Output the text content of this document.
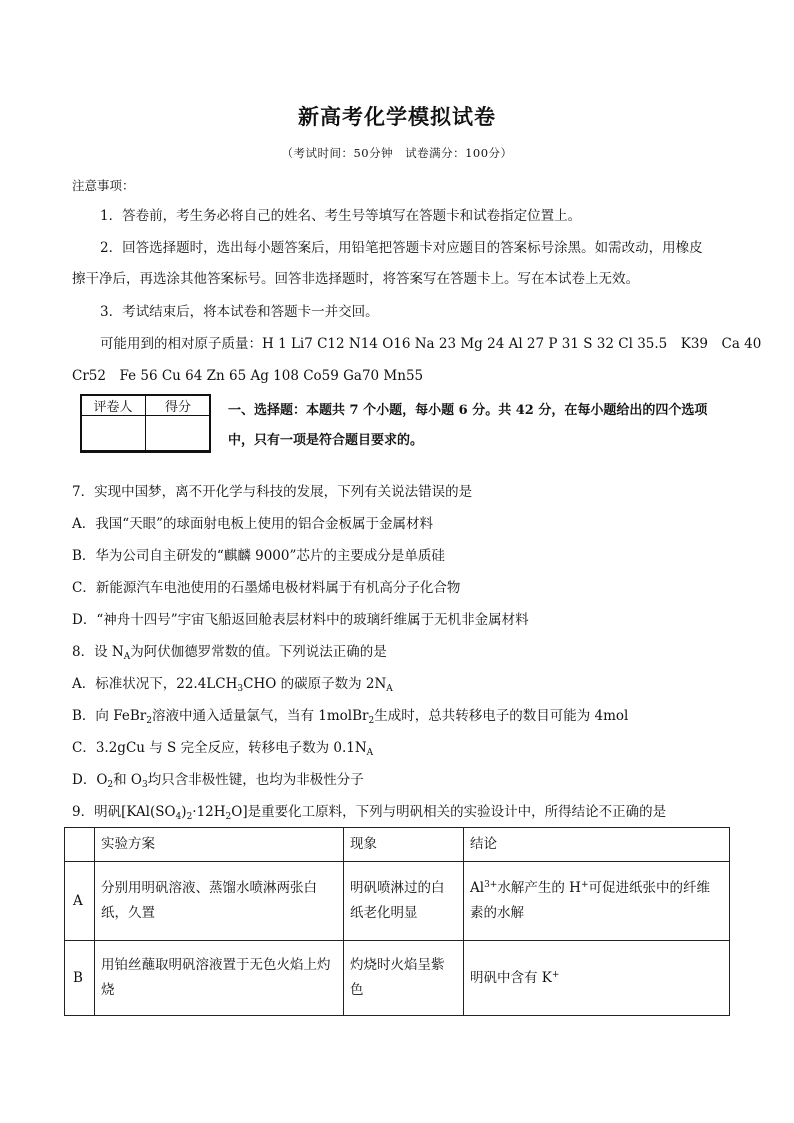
新高考化学模拟试卷
（考试时间：50分钟　试卷满分：100分）
注意事项：
1．答卷前，考生务必将自己的姓名、考生号等填写在答题卡和试卷指定位置上。
2．回答选择题时，选出每小题答案后，用铅笔把答题卡对应题目的答案标号涂黑。如需改动，用橡皮
擦干净后，再选涂其他答案标号。回答非选择题时，将答案写在答题卡上。写在本试卷上无效。
3．考试结束后，将本试卷和答题卡一并交回。
可能用到的相对原子质量：H 1 Li7 C12 N14 O16 Na 23 Mg 24 Al 27 P 31 S 32 Cl 35.5　K39　Ca 40
Cr52　Fe 56 Cu 64 Zn 65 Ag 108 Co59 Ga70 Mn55
评卷人	得分
		一、选择题：本题共 7 个小题，每小题 6 分。共 42 分，在每小题给出的四个选项
中，只有一项是符合题目要求的。
7．实现中国梦，离不开化学与科技的发展，下列有关说法错误的是
A．我国“天眼”的球面射电板上使用的铝合金板属于金属材料
B．华为公司自主研发的“麒麟 9000”芯片的主要成分是单质硅
C．新能源汽车电池使用的石墨烯电极材料属于有机高分子化合物
D．“神舟十四号”宇宙飞船返回舱表层材料中的玻璃纤维属于无机非金属材料
8．设 $N_A$为阿伏伽德罗常数的值。下列说法正确的是
A．标准状况下，$22.4LCH_3CHO$ 的碳原子数为 $2N_A$
B．向 FeBr$_2$溶液中通入适量氯气，当有 1molBr$_2$生成时，总共转移电子的数目可能为 4mol
C．3.2gCu 与 S 完全反应，转移电子数为 $0.1N_A$
D．$O_2$和 $O_3$均只含非极性键，也均为非极性分子
9．明矾$[KAl(SO_4)_2\cdot 12H_2O]$是重要化工原料，下列与明矾相关的实验设计中，所得结论不正确的是
	实验方案	现象	结论
A	分别用明矾溶液、蒸馏水喷淋两张白纸，久置	明矾喷淋过的白纸老化明显	$Al^{3+}$水解产生的 H+可促进纸张中的纤维素的水解
B	用铂丝蘸取明矾溶液置于无色火焰上灼烧	灼烧时火焰呈紫色	明矾中含有 K+
